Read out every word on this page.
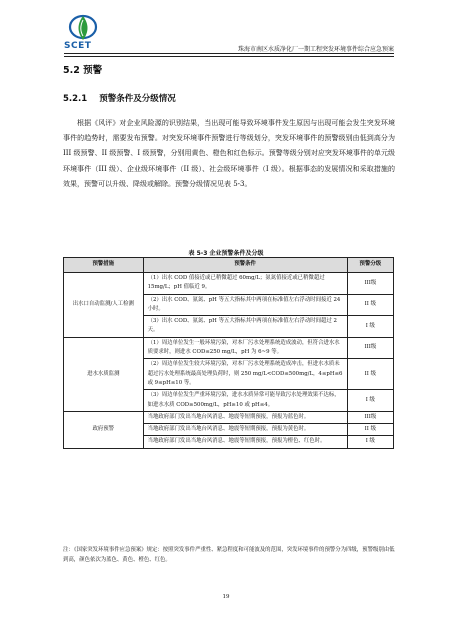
SCET	珠海市南区水质净化厂一期工程突发环境事件综合应急预案
5.2 预警
5.2.1 预警条件及分级情况
根据《风评》对企业风险源的识别结果，当出现可能导致环境事件发生原因与出现可能会发生突发环境事件的趋势时，需要发布预警。对突发环境事件预警进行等级划分，突发环境事件的预警级别由低到高分为 III 级预警、II 级预警、I 级预警，分别用黄色、橙色和红色标示。预警等级分别对应突发环境事件的单元级环境事件（III 级）、企业级环境事件（II 级）、社会级环境事件（I 级）。根据事态的发展情况和采取措施的效果，预警可以升级、降级或解除。预警分级情况见表 5-3。
表 5-3 企业预警条件及分级
预警措施	预警条件	预警分级
出水口自动监测/人工检测	（1）出水 COD 值接近或已稍微超过 60mg/L；氨氮值接近或已稍微超过 15mg/L；pH 值临近 9。	III级
	（2）出水 COD、氨氮、pH 等五大指标其中两项在标准值左右浮动时间接近 24 小时。	II 级
	（3）出水 COD、氨氮、pH 等五大指标其中两项在标准值左右浮动时间超过 2 天。	I 级
进水水质监测	（1）周边单位发生一般环境污染，对本厂污水处理系统造成波动，但符合进水水质要求时，则进水 COD≤250 mg/L，pH 为 6~9 等。	III级
	（2）周边单位发生较大环境污染，对本厂污水处理系统造成冲击，但进水水质未超过污水处理系统最高处理负荷时，则 250 mg/L<COD≤500mg/L，4≤pH≤6 或 9≤pH≤10 等。	II 级
	（3）周边单位发生严重环境污染，进水水质异常可能导致污水处理效果不达标，如进水水质 COD≥500mg/L，pH≥10 或 pH≤4。	I 级
政府预警	当地政府部门发出当地台风消息、地震等短期预报，预报为蓝色时。	III级
	当地政府部门发出当地台风消息、地震等短期预报，预报为黄色时。	II 级
	当地政府部门发出当地台风消息、地震等短期预报，预报为橙色、红色时。	I 级
注：《国家突发环境事件应急预案》规定：按照突发事件严重性、紧急程度和可能波及的范围，突发环境事件的预警分为四级，预警级别由低到高，颜色依次为蓝色、黄色、橙色、红色。
19
